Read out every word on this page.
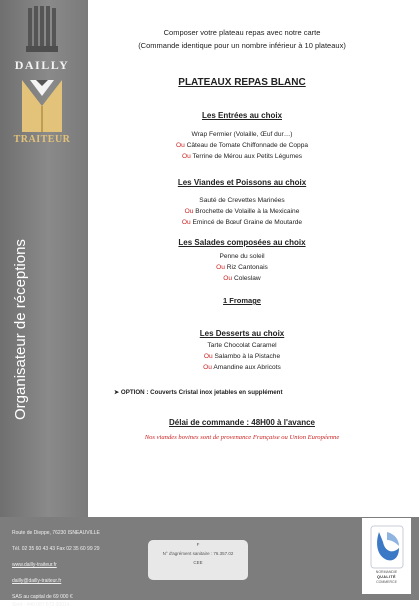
DAILLY
TRAITEUR
Organisateur de réceptions
Route de Dieppe, 76230 ISNEAUVILLE
Tél. 02 35 60 43 43 Fax 02 35 60 99 29
www.dailly-traiteur.fr
dailly@dailly-traiteur.fr
SAS au capital de 69 000 €
Siret : 440 087 572 00014
F
N° d'agrément sanitaire : 76.357.02
CEE
NORMANDIE
QUALITÉ
COMMERCE
Composer votre plateau repas avec notre carte
(Commande identique pour un nombre inférieur à 10 plateaux)
PLATEAUX REPAS BLANC
Les Entrées au choix
Wrap Fermier (Volaille, Œuf dur…)
Ou Câteau de Tomate Chiffonnade de Coppa
Ou Terrine de Mérou aux Petits Légumes
Les Viandes et Poissons au choix
Sauté de Crevettes Marinées
Ou Brochette de Volaille à la Mexicaine
Ou Emincé de Bœuf Graine de Moutarde
Les Salades composées au choix
Penne du soleil
Ou Riz Cantonais
Ou Coleslaw
1 Fromage
Les Desserts au choix
Tarte Chocolat Caramel
Ou Salambo à la Pistache
Ou Amandine aux Abricots
➤ OPTION : Couverts Cristal inox jetables en supplément
Délai de commande : 48H00 à l'avance
Nos viandes bovines sont de provenance Française ou Union Européenne
